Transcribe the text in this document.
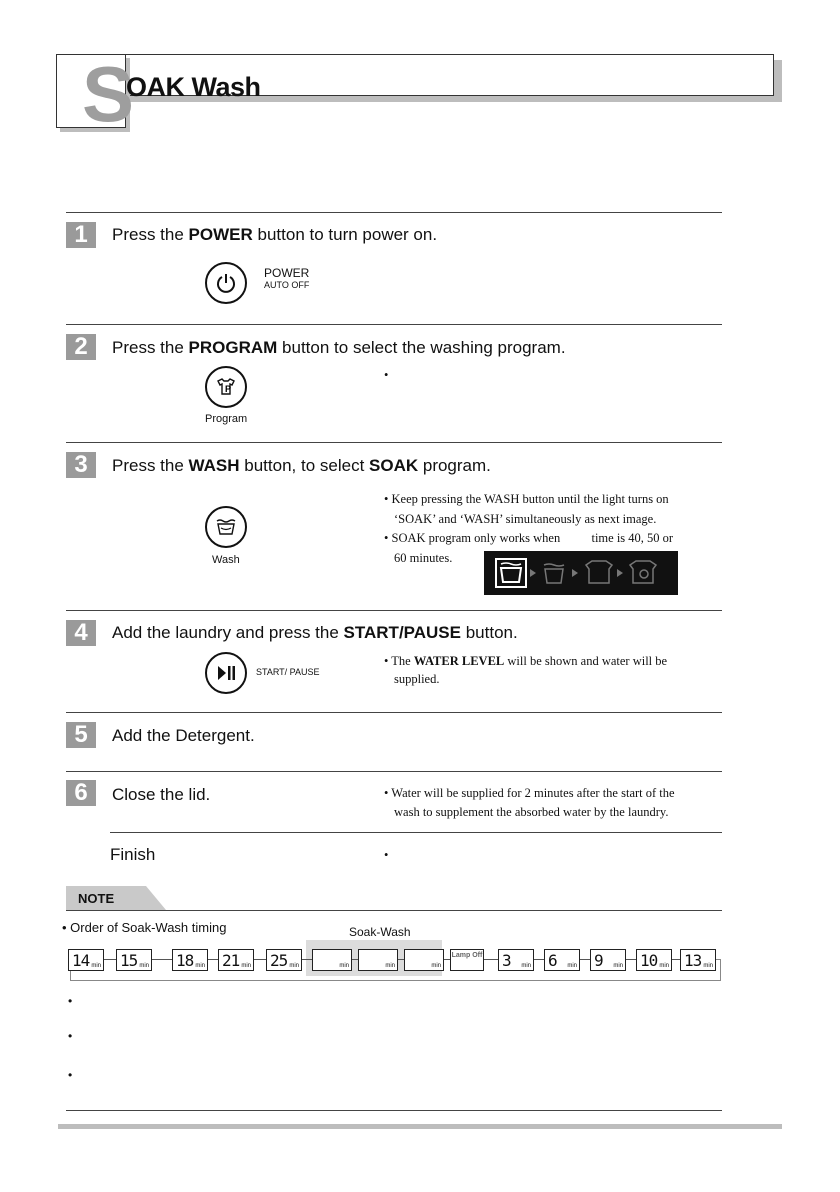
S
OAK Wash
1	Press the POWER button to turn power on.
POWER
AUTO OFF
2	Press the PROGRAM button to select the washing program.
P
Program
•
3	Press the WASH button, to select SOAK program.
Wash
• Keep pressing the WASH button until the light turns on
‘SOAK’ and ‘WASH’ simultaneously as next image.
• SOAK program only works when          time is 40, 50 or
60 minutes.
4	Add the laundry and press the START/PAUSE button.
START/ PAUSE
• The WATER LEVEL will be shown and water will be
supplied.
5	Add the Detergent.
6	Close the lid.	• Water will be supplied for 2 minutes after the start of the
wash to supplement the absorbed water by the laundry.
Finish	•
NOTE
• Order of Soak-Wash timing	Soak-Wash
14 min 15 min 18 min 21 min 25 min	min	min	min
Lamp Off 3 min 6 min 9 min 10 min 13 min
•
•
•
